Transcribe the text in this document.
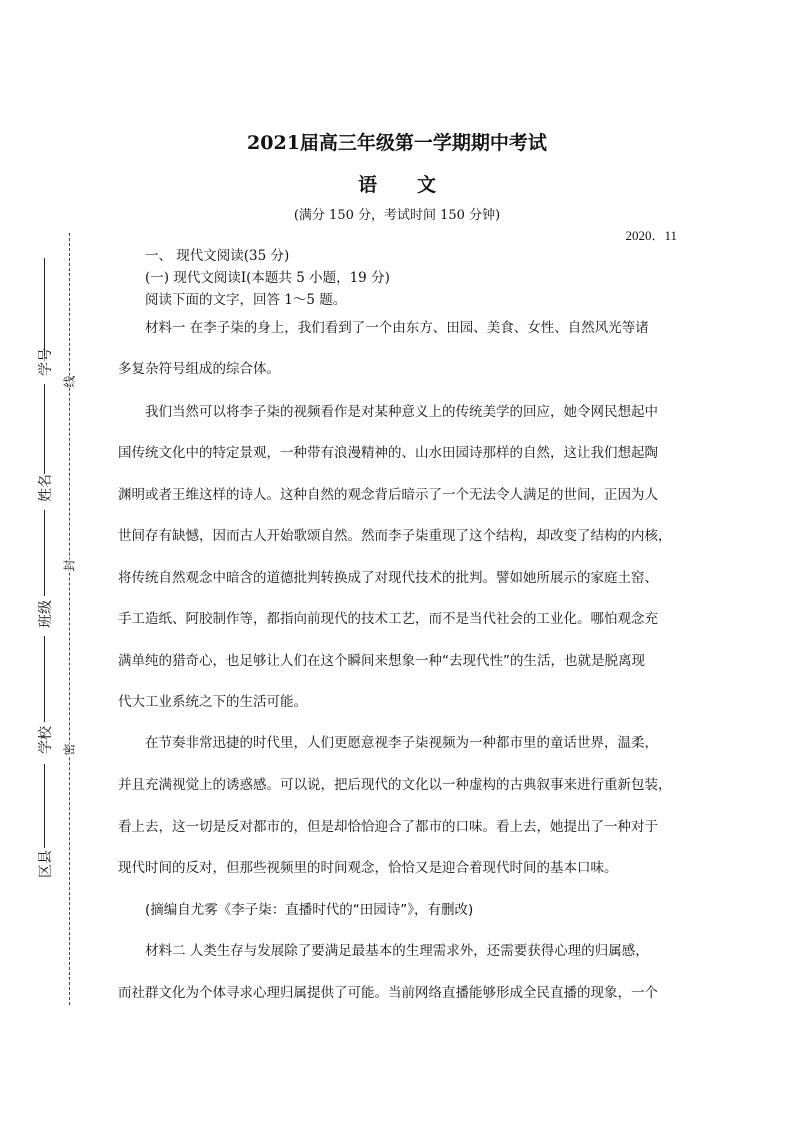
学号
姓名
班级
学校
区县
线
封
密
2021届高三年级第一学期期中考试
语文
(满分 150 分，考试时间 150 分钟)
2020．11
一、 现代文阅读(35 分)
(一) 现代文阅读Ⅰ(本题共 5 小题，19 分)
阅读下面的文字，回答 1～5 题。
材料一 在李子柒的身上，我们看到了一个由东方、田园、美食、女性、自然风光等诸
多复杂符号组成的综合体。
我们当然可以将李子柒的视频看作是对某种意义上的传统美学的回应，她令网民想起中
国传统文化中的特定景观，一种带有浪漫精神的、山水田园诗那样的自然，这让我们想起陶
渊明或者王维这样的诗人。这种自然的观念背后暗示了一个无法令人满足的世间，正因为人
世间存有缺憾，因而古人开始歌颂自然。然而李子柒重现了这个结构，却改变了结构的内核，
将传统自然观念中暗含的道德批判转换成了对现代技术的批判。譬如她所展示的家庭土窑、
手工造纸、阿胶制作等，都指向前现代的技术工艺，而不是当代社会的工业化。哪怕观念充
满单纯的猎奇心，也足够让人们在这个瞬间来想象一种“去现代性”的生活，也就是脱离现
代大工业系统之下的生活可能。
在节奏非常迅捷的时代里，人们更愿意视李子柒视频为一种都市里的童话世界，温柔，
并且充满视觉上的诱惑感。可以说，把后现代的文化以一种虚构的古典叙事来进行重新包装，
看上去，这一切是反对都市的，但是却恰恰迎合了都市的口味。看上去，她提出了一种对于
现代时间的反对，但那些视频里的时间观念，恰恰又是迎合着现代时间的基本口味。
(摘编自尤雾《李子柒：直播时代的“田园诗”》，有删改)
材料二 人类生存与发展除了要满足最基本的生理需求外，还需要获得心理的归属感，
而社群文化为个体寻求心理归属提供了可能。当前网络直播能够形成全民直播的现象，一个
